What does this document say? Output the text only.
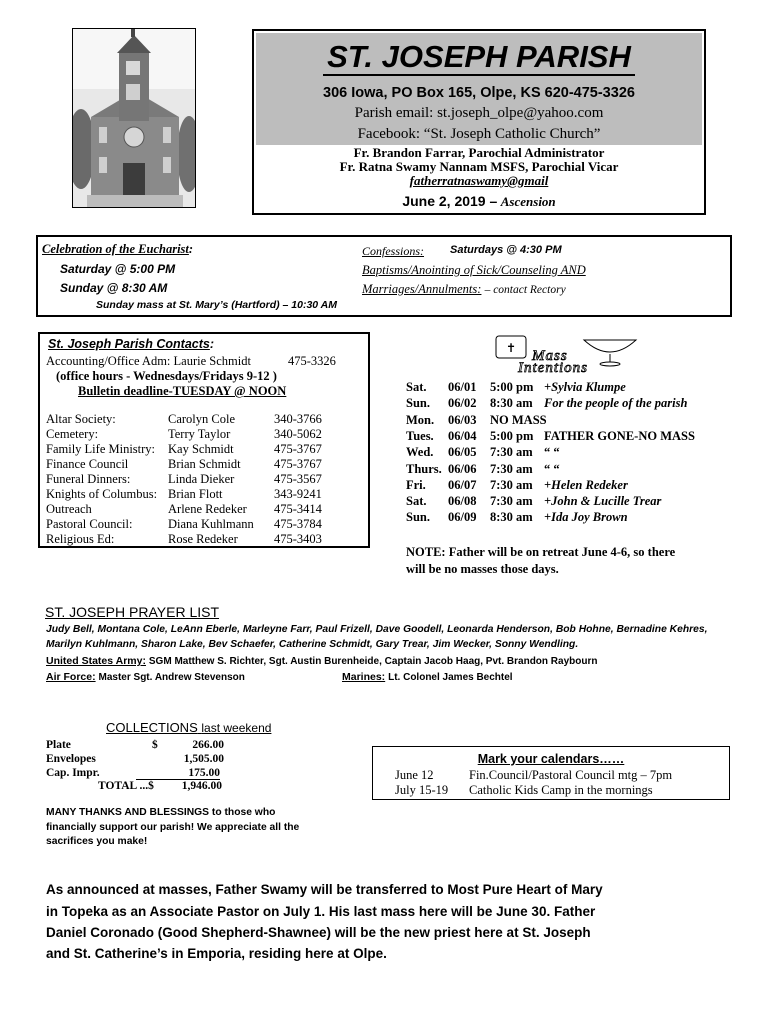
ST. JOSEPH PARISH
306 Iowa, PO Box 165, Olpe, KS 620-475-3326
Parish email: st.joseph_olpe@yahoo.com
Facebook: “St. Joseph Catholic Church”
Fr. Brandon Farrar, Parochial Administrator
Fr. Ratna Swamy Nannam MSFS, Parochial Vicar
fatherratnaswamy@gmail
June 2, 2019 – Ascension
Celebration of the Eucharist:
Saturday @ 5:00 PM
Sunday @ 8:30 AM
Sunday mass at St. Mary’s (Hartford) – 10:30 AM
Confessions: Saturdays @ 4:30 PM
Baptisms/Anointing of Sick/Counseling AND
Marriages/Annulments: – contact Rectory
St. Joseph Parish Contacts:
Accounting/Office Adm: Laurie Schmidt	475-3326
(office hours - Wednesdays/Fridays 9-12 )
Bulletin deadline-TUESDAY @ NOON
Altar Society:	Carolyn Cole	340-3766
Cemetery:	Terry Taylor	340-5062
Family Life Ministry: Kay Schmidt	475-3767
Finance Council	Brian Schmidt	475-3767
Funeral Dinners:	Linda Dieker	475-3567
Knights of Columbus: Brian Flott	343-9241
Outreach	Arlene Redeker 475-3414
Pastoral Council:	Diana Kuhlmann 475-3784
Religious Ed:	Rose Redeker	475-3403
✝ Mass
Intentions
Sat. 06/01 5:00 pm +Sylvia Klumpe
Sun. 06/02 8:30 am For the people of the parish
Mon. 06/03 NO MASS
Tues. 06/04 5:00 pm FATHER GONE-NO MASS
Wed. 06/05 7:30 am “ “
Thurs. 06/06 7:30 am “ “
Fri. 06/07 7:30 am +Helen Redeker
Sat. 06/08 7:30 am +John & Lucille Trear
Sun. 06/09 8:30 am +Ida Joy Brown
NOTE: Father will be on retreat June 4-6, so there
will be no masses those days.
ST. JOSEPH PRAYER LIST
Judy Bell, Montana Cole, LeAnn Eberle, Marleyne Farr, Paul Frizell, Dave Goodell, Leonarda Henderson, Bob Hohne, Bernadine Kehres,
Marilyn Kuhlmann, Sharon Lake, Bev Schaefer, Catherine Schmidt, Gary Trear, Jim Wecker, Sonny Wendling.
United States Army: SGM Matthew S. Richter, Sgt. Austin Burenheide, Captain Jacob Haag, Pvt. Brandon Raybourn
Air Force: Master Sgt. Andrew Stevenson	Marines: Lt. Colonel James Bechtel
COLLECTIONS last weekend
Plate	$	266.00
Envelopes	1,505.00
Cap. Impr.	175.00
TOTAL ...$	1,946.00
MANY THANKS AND BLESSINGS to those who
financially support our parish! We appreciate all the
sacrifices you make!
Mark your calendars……
June 12	Fin.Council/Pastoral Council mtg – 7pm
July 15-19 Catholic Kids Camp in the mornings
As announced at masses, Father Swamy will be transferred to Most Pure Heart of Mary
in Topeka as an Associate Pastor on July 1. His last mass here will be June 30. Father
Daniel Coronado (Good Shepherd-Shawnee) will be the new priest here at St. Joseph
and St. Catherine’s in Emporia, residing here at Olpe.
